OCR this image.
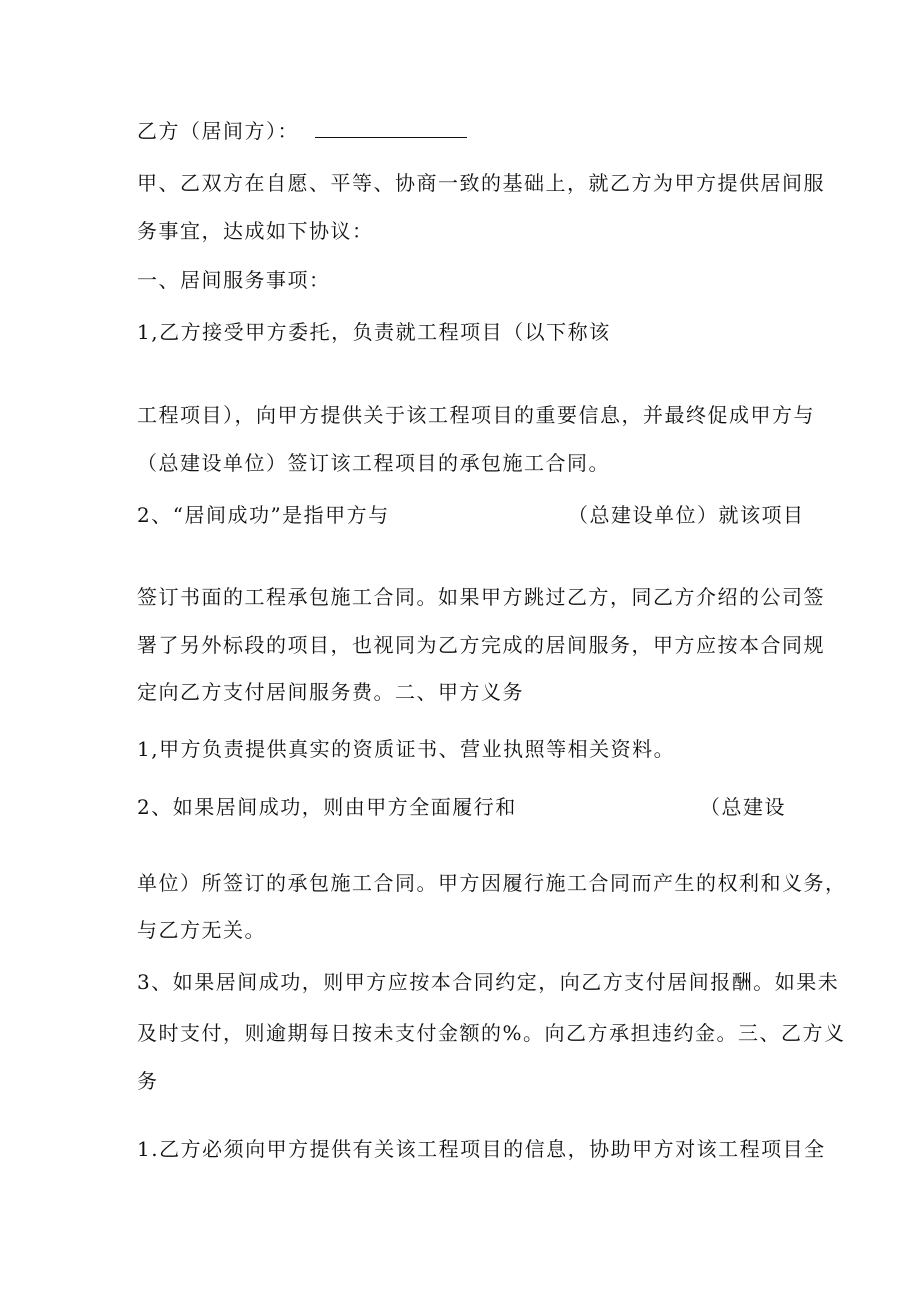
乙方（居间方）：
甲、乙双方在自愿、平等、协商一致的基础上，就乙方为甲方提供居间服
务事宜，达成如下协议：
一、居间服务事项：
1,乙方接受甲方委托，负责就工程项目（以下称该
工程项目），向甲方提供关于该工程项目的重要信息，并最终促成甲方与
（总建设单位）签订该工程项目的承包施工合同。
2、“居间成功”是指甲方与	（总建设单位）就该项目
签订书面的工程承包施工合同。如果甲方跳过乙方，同乙方介绍的公司签
署了另外标段的项目，也视同为乙方完成的居间服务，甲方应按本合同规
定向乙方支付居间服务费。二、甲方义务
1,甲方负责提供真实的资质证书、营业执照等相关资料。
2、如果居间成功，则由甲方全面履行和	（总建设
单位）所签订的承包施工合同。甲方因履行施工合同而产生的权利和义务，
与乙方无关。
3、如果居间成功，则甲方应按本合同约定，向乙方支付居间报酬。如果未
及时支付，则逾期每日按未支付金额的%。向乙方承担违约金。三、乙方义
务
1.乙方必须向甲方提供有关该工程项目的信息，协助甲方对该工程项目全
